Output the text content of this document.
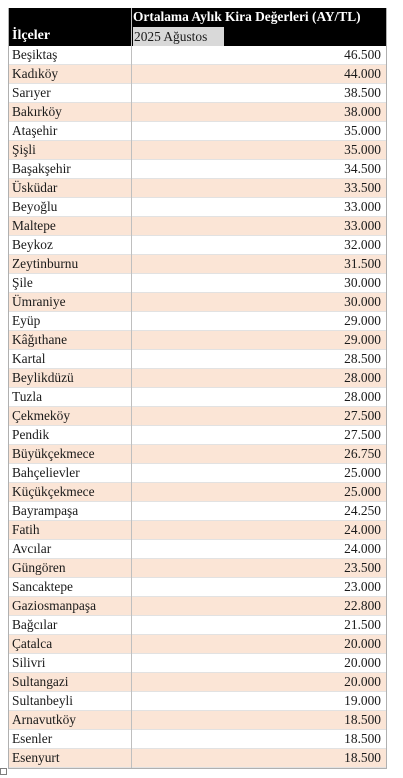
İlçeler
Ortalama Aylık Kira Değerleri (AY/TL)
2025 Ağustos
Beşiktaş	46.500
Kadıköy	44.000
Sarıyer	38.500
Bakırköy	38.000
Ataşehir	35.000
Şişli	35.000
Başakşehir	34.500
Üsküdar	33.500
Beyoğlu	33.000
Maltepe	33.000
Beykoz	32.000
Zeytinburnu	31.500
Şile	30.000
Ümraniye	30.000
Eyüp	29.000
Kâğıthane	29.000
Kartal	28.500
Beylikdüzü	28.000
Tuzla	28.000
Çekmeköy	27.500
Pendik	27.500
Büyükçekmece	26.750
Bahçelievler	25.000
Küçükçekmece	25.000
Bayrampaşa	24.250
Fatih	24.000
Avcılar	24.000
Güngören	23.500
Sancaktepe	23.000
Gaziosmanpaşa	22.800
Bağcılar	21.500
Çatalca	20.000
Silivri	20.000
Sultangazi	20.000
Sultanbeyli	19.000
Arnavutköy	18.500
Esenler	18.500
Esenyurt	18.500
